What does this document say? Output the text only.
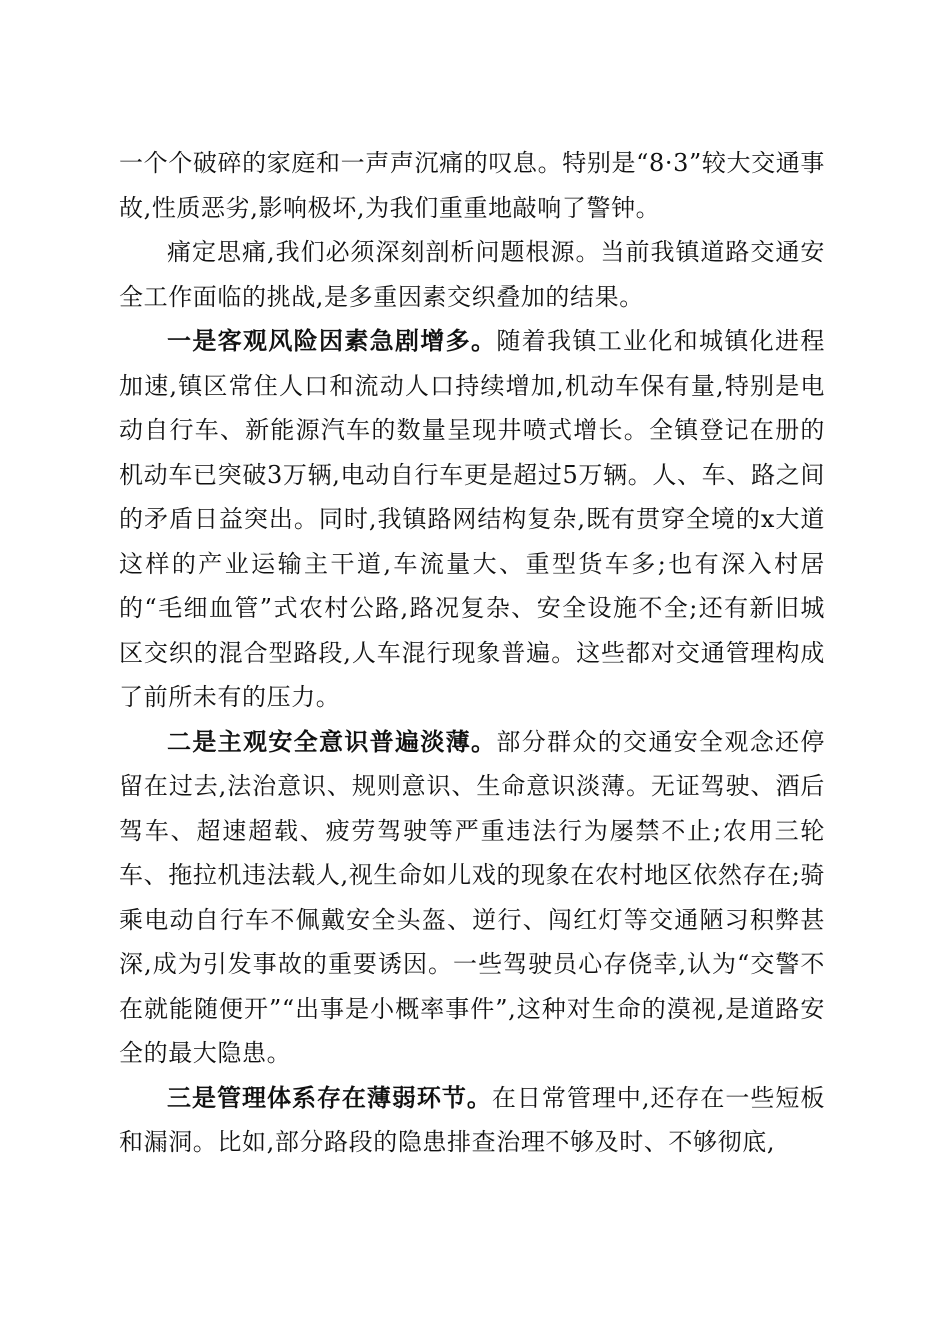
一个个破碎的家庭和一声声沉痛的叹息。特别是“8·3”较大交通事故,性质恶劣,影响极坏,为我们重重地敲响了警钟。

痛定思痛,我们必须深刻剖析问题根源。当前我镇道路交通安全工作面临的挑战,是多重因素交织叠加的结果。

一是客观风险因素急剧增多。随着我镇工业化和城镇化进程加速,镇区常住人口和流动人口持续增加,机动车保有量,特别是电动自行车、新能源汽车的数量呈现井喷式增长。全镇登记在册的机动车已突破3万辆,电动自行车更是超过5万辆。人、车、路之间的矛盾日益突出。同时,我镇路网结构复杂,既有贯穿全境的x大道这样的产业运输主干道,车流量大、重型货车多;也有深入村居的“毛细血管”式农村公路,路况复杂、安全设施不全;还有新旧城区交织的混合型路段,人车混行现象普遍。这些都对交通管理构成了前所未有的压力。

二是主观安全意识普遍淡薄。部分群众的交通安全观念还停留在过去,法治意识、规则意识、生命意识淡薄。无证驾驶、酒后驾车、超速超载、疲劳驾驶等严重违法行为屡禁不止;农用三轮车、拖拉机违法载人,视生命如儿戏的现象在农村地区依然存在;骑乘电动自行车不佩戴安全头盔、逆行、闯红灯等交通陋习积弊甚深,成为引发事故的重要诱因。一些驾驶员心存侥幸,认为“交警不在就能随便开”“出事是小概率事件”,这种对生命的漠视,是道路安全的最大隐患。

三是管理体系存在薄弱环节。在日常管理中,还存在一些短板和漏洞。比如,部分路段的隐患排查治理不够及时、不够彻底,
